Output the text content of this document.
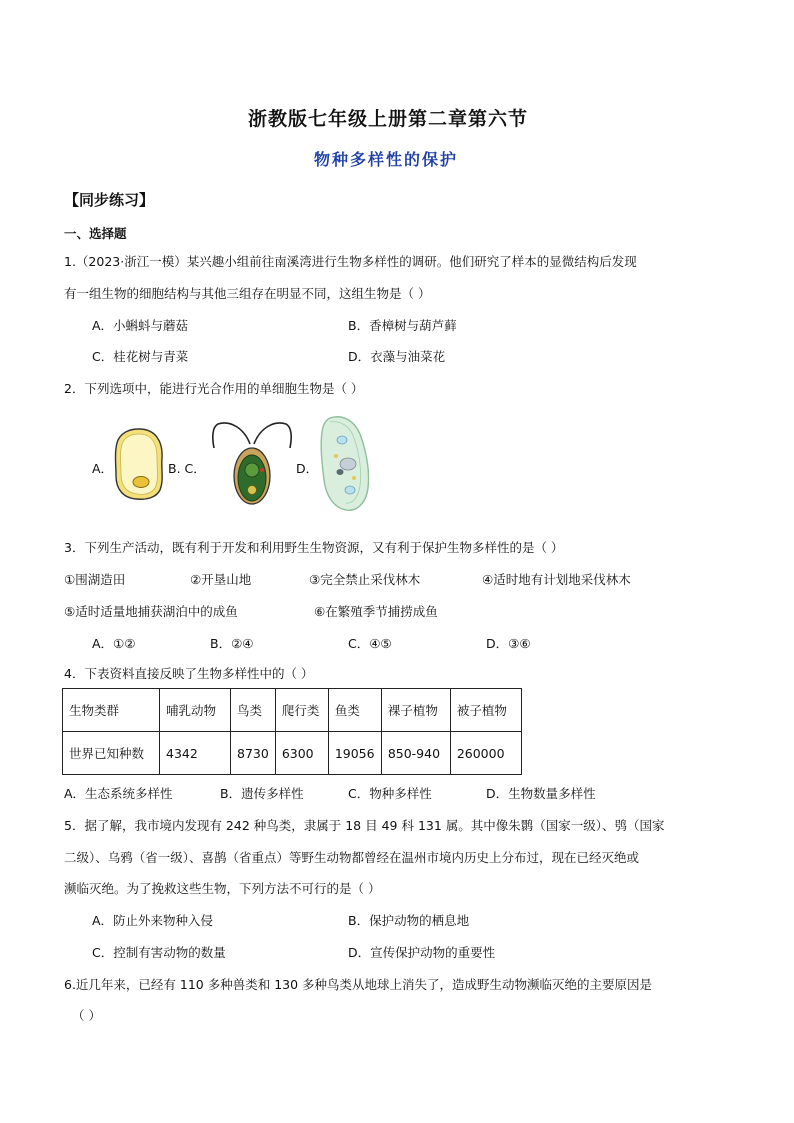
浙教版七年级上册第二章第六节
物种多样性的保护
【同步练习】
一、选择题
1.（2023·浙江一模）某兴趣小组前往南溪湾进行生物多样性的调研。他们研究了样本的显微结构后发现
有一组生物的细胞结构与其他三组存在明显不同，这组生物是（ ）
A．小蝌蚪与蘑菇	B．香樟树与葫芦藓
C．桂花树与青菜	D．衣藻与油菜花
2．下列选项中，能进行光合作用的单细胞生物是（ ）
A．	B. C．	D．
3．下列生产活动，既有利于开发和利用野生生物资源，又有利于保护生物多样性的是（ ）
①围湖造田	②开垦山地	③完全禁止采伐林木	④适时地有计划地采伐林木
⑤适时适量地捕获湖泊中的成鱼	⑥在繁殖季节捕捞成鱼
A．①②	B．②④	C．④⑤	D．③⑥
4．下表资料直接反映了生物多样性中的（ ）
生物类群	哺乳动物	鸟类	爬行类	鱼类	裸子植物	被子植物
世界已知种数	4342	8730	6300	19056	850-940	260000
A．生态系统多样性	B．遗传多样性	C．物种多样性	D．生物数量多样性
5．据了解，我市境内发现有 242 种鸟类，隶属于 18 目 49 科 131 属。其中像朱鹮（国家一级）、鸮（国家
二级）、乌鸦（省一级）、喜鹊（省重点）等野生动物都曾经在温州市境内历史上分布过，现在已经灭绝或
濒临灭绝。为了挽救这些生物，下列方法不可行的是（ ）
A．防止外来物种入侵	B．保护动物的栖息地
C．控制有害动物的数量	D．宣传保护动物的重要性
6.近几年来，已经有 110 多种兽类和 130 多种鸟类从地球上消失了，造成野生动物濒临灭绝的主要原因是
（ ）
